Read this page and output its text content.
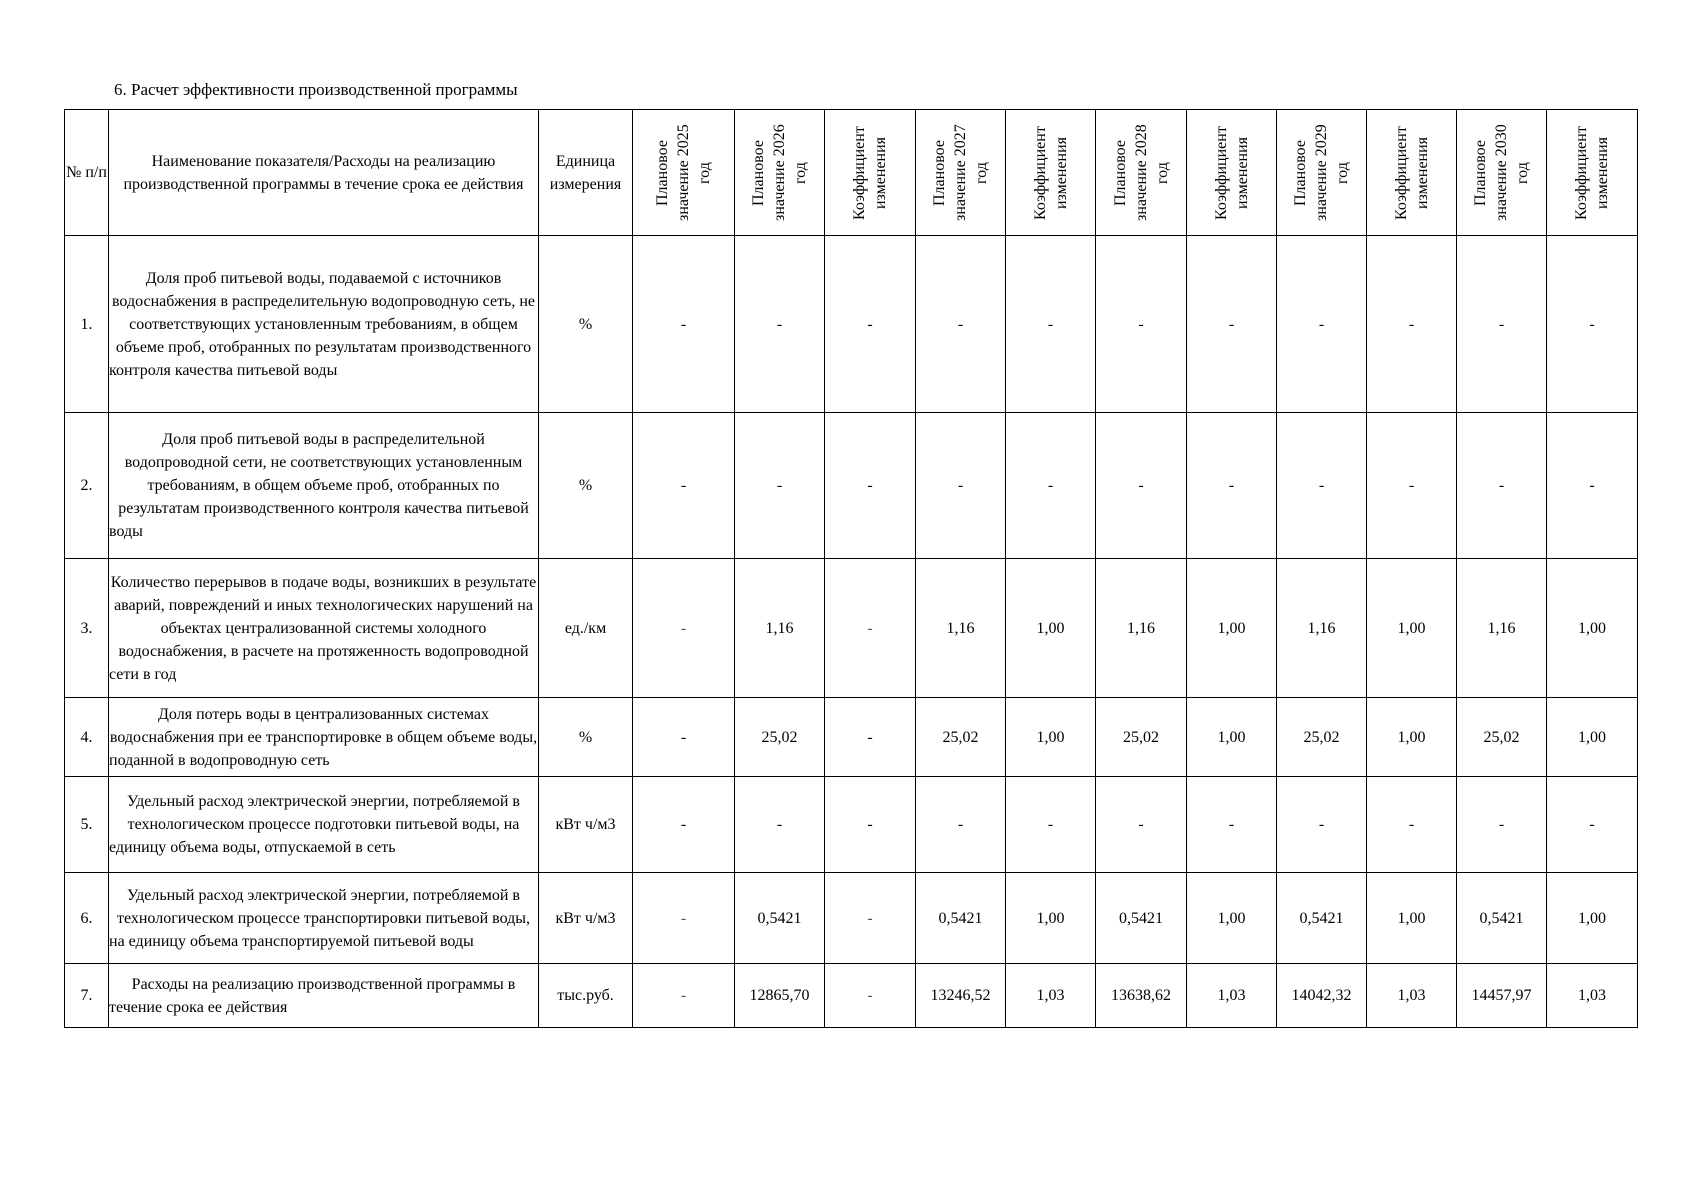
6. Расчет эффективности производственной программы
№ п/п	Наименование показателя/Расходы на реализацию производственной программы в течение срока ее действия	Единица измерения	Плановое значение 2025 год	Плановое значение 2026 год	Коэффициент изменения	Плановое значение 2027 год	Коэффициент изменения	Плановое значение 2028 год	Коэффициент изменения	Плановое значение 2029 год	Коэффициент изменения	Плановое значение 2030 год	Коэффициент изменения

1.	Доля проб питьевой воды, подаваемой с источников водоснабжения в распределительную водопроводную сеть, не соответствующих установленным требованиям, в общем объеме проб, отобранных по результатам производственного контроля качества питьевой воды	%	-	-	-	-	-	-	-	-	-	-	-
2.	Доля проб питьевой воды в распределительной водопроводной сети, не соответствующих установленным требованиям, в общем объеме проб, отобранных по результатам производственного контроля качества питьевой воды	%	-	-	-	-	-	-	-	-	-	-	-
3.	Количество перерывов в подаче воды, возникших в результате аварий, повреждений и иных технологических нарушений на объектах централизованной системы холодного водоснабжения, в расчете на протяженность водопроводной сети в год	ед./км	-	1,16	-	1,16	1,00	1,16	1,00	1,16	1,00	1,16	1,00
4.	Доля потерь воды в централизованных системах водоснабжения при ее транспортировке в общем объеме воды, поданной в водопроводную сеть	%	-	25,02	-	25,02	1,00	25,02	1,00	25,02	1,00	25,02	1,00
5.	Удельный расход электрической энергии, потребляемой в технологическом процессе подготовки питьевой воды, на единицу объема воды, отпускаемой в сеть	кВт ч/м3	-	-	-	-	-	-	-	-	-	-	-
6.	Удельный расход электрической энергии, потребляемой в технологическом процессе транспортировки питьевой воды, на единицу объема транспортируемой питьевой воды	кВт ч/м3	-	0,5421	-	0,5421	1,00	0,5421	1,00	0,5421	1,00	0,5421	1,00
7.	Расходы на реализацию производственной программы в течение срока ее действия	тыс.руб.	-	12865,70	-	13246,52	1,03	13638,62	1,03	14042,32	1,03	14457,97	1,03
